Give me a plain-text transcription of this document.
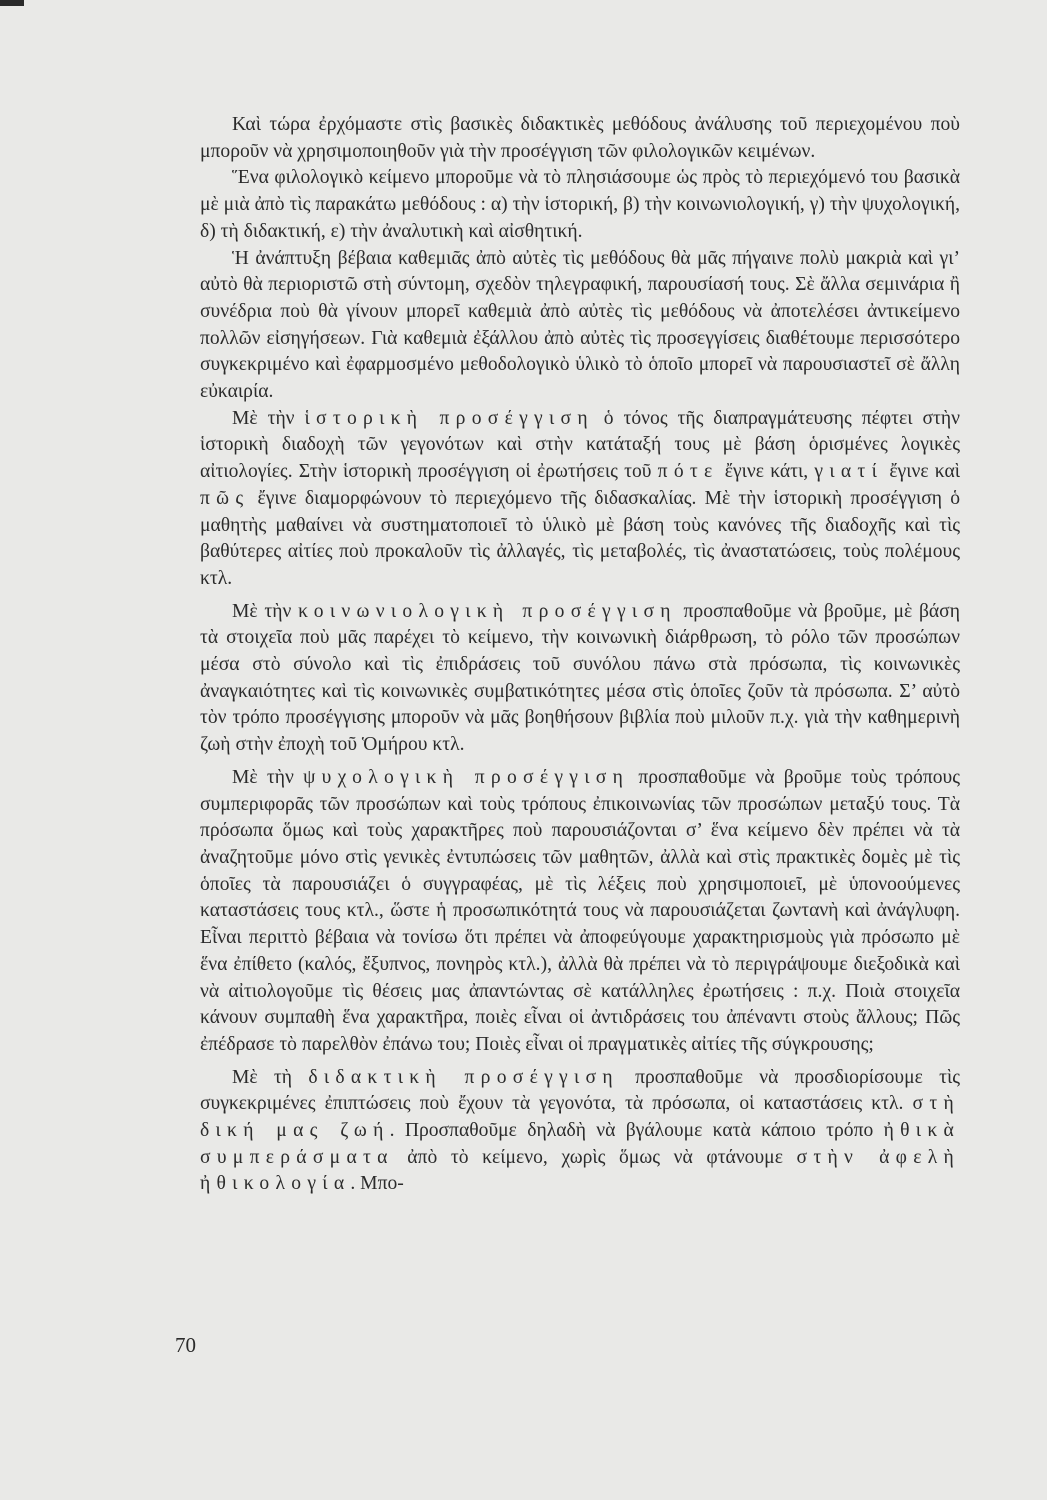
Καὶ τώρα ἐρχόμαστε στὶς βασικὲς διδακτικὲς μεθόδους ἀνάλυσης τοῦ περιεχομένου ποὺ μποροῦν νὰ χρησιμοποιηθοῦν γιὰ τὴν προσέγγιση τῶν φιλολογικῶν κειμένων.

Ἕνα φιλολογικὸ κείμενο μποροῦμε νὰ τὸ πλησιάσουμε ὡς πρὸς τὸ περιεχόμενό του βασικὰ μὲ μιὰ ἀπὸ τὶς παρακάτω μεθόδους : α) τὴν ἱστορική, β) τὴν κοινωνιολογική, γ) τὴν ψυχολογική, δ) τὴ διδακτική, ε) τὴν ἀναλυτικὴ καὶ αἰσθητική.

Ἡ ἀνάπτυξη βέβαια καθεμιᾶς ἀπὸ αὐτὲς τὶς μεθόδους θὰ μᾶς πήγαινε πολὺ μακριὰ καὶ γι’ αὐτὸ θὰ περιοριστῶ στὴ σύντομη, σχεδὸν τηλεγραφική, παρουσίασή τους. Σὲ ἄλλα σεμινάρια ἢ συνέδρια ποὺ θὰ γίνουν μπορεῖ καθεμιὰ ἀπὸ αὐτὲς τὶς μεθόδους νὰ ἀποτελέσει ἀντικείμενο πολλῶν εἰσηγήσεων. Γιὰ καθεμιὰ ἐξάλλου ἀπὸ αὐτὲς τὶς προσεγγίσεις διαθέτουμε περισσότερο συγκεκριμένο καὶ ἐφαρμοσμένο μεθοδολογικὸ ὑλικὸ τὸ ὁποῖο μπορεῖ νὰ παρουσιαστεῖ σὲ ἄλλη εὐκαιρία.

Μὲ τὴν ἱστορικὴ προσέγγιση ὁ τόνος τῆς διαπραγμάτευσης πέφτει στὴν ἱστορικὴ διαδοχὴ τῶν γεγονότων καὶ στὴν κατάταξή τους μὲ βάση ὁρισμένες λογικὲς αἰτιολογίες. Στὴν ἱστορικὴ προσέγγιση οἱ ἐρωτήσεις τοῦ πότε ἔγινε κάτι, γιατί ἔγινε καὶ πῶς ἔγινε διαμορφώνουν τὸ περιεχόμενο τῆς διδασκαλίας. Μὲ τὴν ἱστορικὴ προσέγγιση ὁ μαθητὴς μαθαίνει νὰ συστηματοποιεῖ τὸ ὑλικὸ μὲ βάση τοὺς κανόνες τῆς διαδοχῆς καὶ τὶς βαθύτερες αἰτίες ποὺ προκαλοῦν τὶς ἀλλαγές, τὶς μεταβολές, τὶς ἀναστατώσεις, τοὺς πολέμους κτλ.

Μὲ τὴν κοινωνιολογικὴ προσέγγιση προσπαθοῦμε νὰ βροῦμε, μὲ βάση τὰ στοιχεῖα ποὺ μᾶς παρέχει τὸ κείμενο, τὴν κοινωνικὴ διάρθρωση, τὸ ρόλο τῶν προσώπων μέσα στὸ σύνολο καὶ τὶς ἐπιδράσεις τοῦ συνόλου πάνω στὰ πρόσωπα, τὶς κοινωνικὲς ἀναγκαιότητες καὶ τὶς κοινωνικὲς συμβατικότητες μέσα στὶς ὁποῖες ζοῦν τὰ πρόσωπα. Σ’ αὐτὸ τὸν τρόπο προσέγγισης μποροῦν νὰ μᾶς βοηθήσουν βιβλία ποὺ μιλοῦν π.χ. γιὰ τὴν καθημερινὴ ζωὴ στὴν ἐποχὴ τοῦ Ὁμήρου κτλ.

Μὲ τὴν ψυχολογικὴ προσέγγιση προσπαθοῦμε νὰ βροῦμε τοὺς τρόπους συμπεριφορᾶς τῶν προσώπων καὶ τοὺς τρόπους ἐπικοινωνίας τῶν προσώπων μεταξύ τους. Τὰ πρόσωπα ὅμως καὶ τοὺς χαρακτῆρες ποὺ παρουσιάζονται σ’ ἕνα κείμενο δὲν πρέπει νὰ τὰ ἀναζητοῦμε μόνο στὶς γενικὲς ἐντυπώσεις τῶν μαθητῶν, ἀλλὰ καὶ στὶς πρακτικὲς δομὲς μὲ τὶς ὁποῖες τὰ παρουσιάζει ὁ συγγραφέας, μὲ τὶς λέξεις ποὺ χρησιμοποιεῖ, μὲ ὑπονοούμενες καταστάσεις τους κτλ., ὥστε ἡ προσωπικότητά τους νὰ παρουσιάζεται ζωντανὴ καὶ ἀνάγλυφη. Εἶναι περιττὸ βέβαια νὰ τονίσω ὅτι πρέπει νὰ ἀποφεύγουμε χαρακτηρισμοὺς γιὰ πρόσωπο μὲ ἕνα ἐπίθετο (καλός, ἔξυπνος, πονηρὸς κτλ.), ἀλλὰ θὰ πρέπει νὰ τὸ περιγράψουμε διεξοδικὰ καὶ νὰ αἰτιολογοῦμε τὶς θέσεις μας ἀπαντώντας σὲ κατάλληλες ἐρωτήσεις : π.χ. Ποιὰ στοιχεῖα κάνουν συμπαθὴ ἕνα χαρακτῆρα, ποιὲς εἶναι οἱ ἀντιδράσεις του ἀπέναντι στοὺς ἄλλους; Πῶς ἐπέδρασε τὸ παρελθὸν ἐπάνω του; Ποιὲς εἶναι οἱ πραγματικὲς αἰτίες τῆς σύγκρουσης;

Μὲ τὴ διδακτικὴ προσέγγιση προσπαθοῦμε νὰ προσδιορίσουμε τὶς συγκεκριμένες ἐπιπτώσεις ποὺ ἔχουν τὰ γεγονότα, τὰ πρόσωπα, οἱ καταστάσεις κτλ. στὴ δική μας ζωή. Προσπαθοῦμε δηλαδὴ νὰ βγάλουμε κατὰ κάποιο τρόπο ἠθικὰ συμπεράσματα ἀπὸ τὸ κείμενο, χωρὶς ὅμως νὰ φτάνουμε στὴν ἀφελὴ ἠθικολογία. Μπο-

70
